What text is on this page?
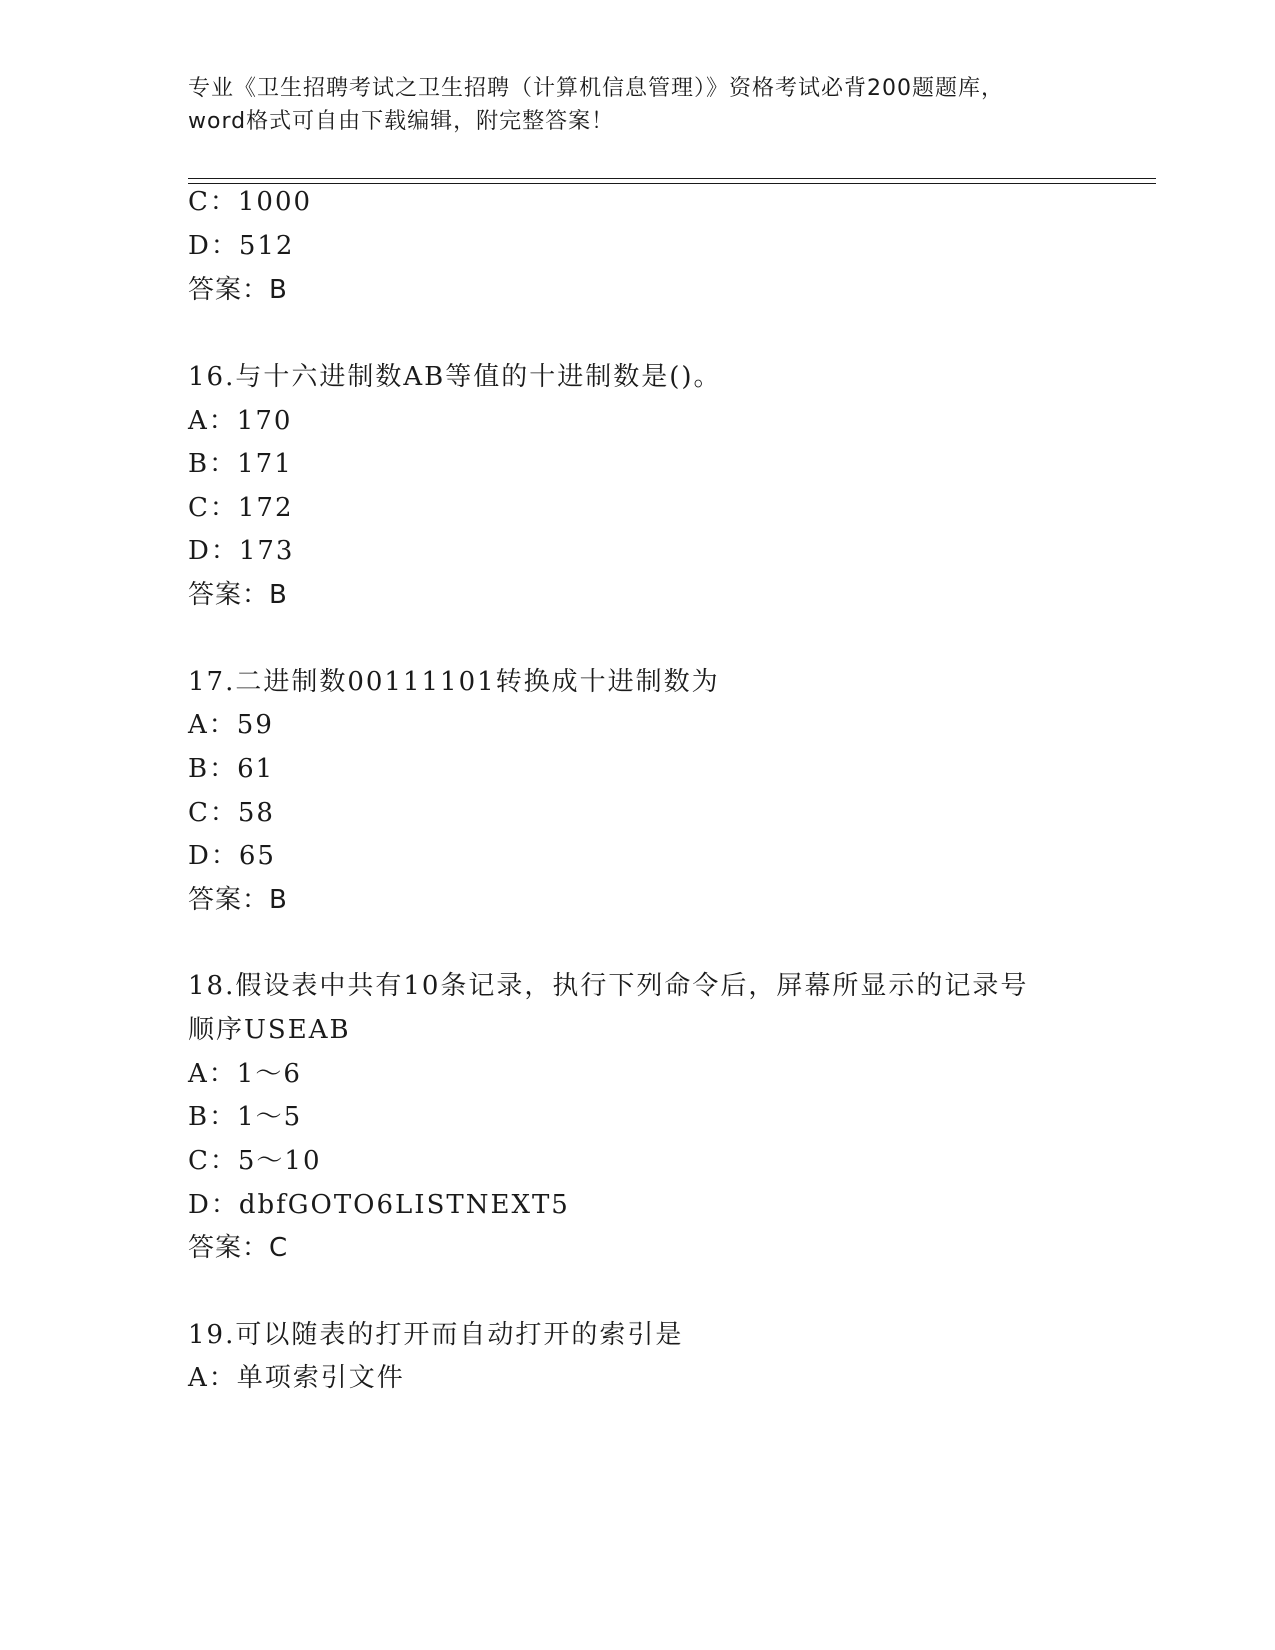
专业《卫生招聘考试之卫生招聘（计算机信息管理）》资格考试必背200题题库，
word格式可自由下载编辑，附完整答案！
C：1000
D：512
答案：B
16.与十六进制数AB等值的十进制数是()。
A：170
B：171
C：172
D：173
答案：B
17.二进制数00111101转换成十进制数为
A：59
B：61
C：58
D：65
答案：B
18.假设表中共有10条记录，执行下列命令后，屏幕所显示的记录号
顺序USEAB
A：1～6
B：1～5
C：5～10
D：dbfGOTO6LISTNEXT5
答案：C
19.可以随表的打开而自动打开的索引是
A：单项索引文件
